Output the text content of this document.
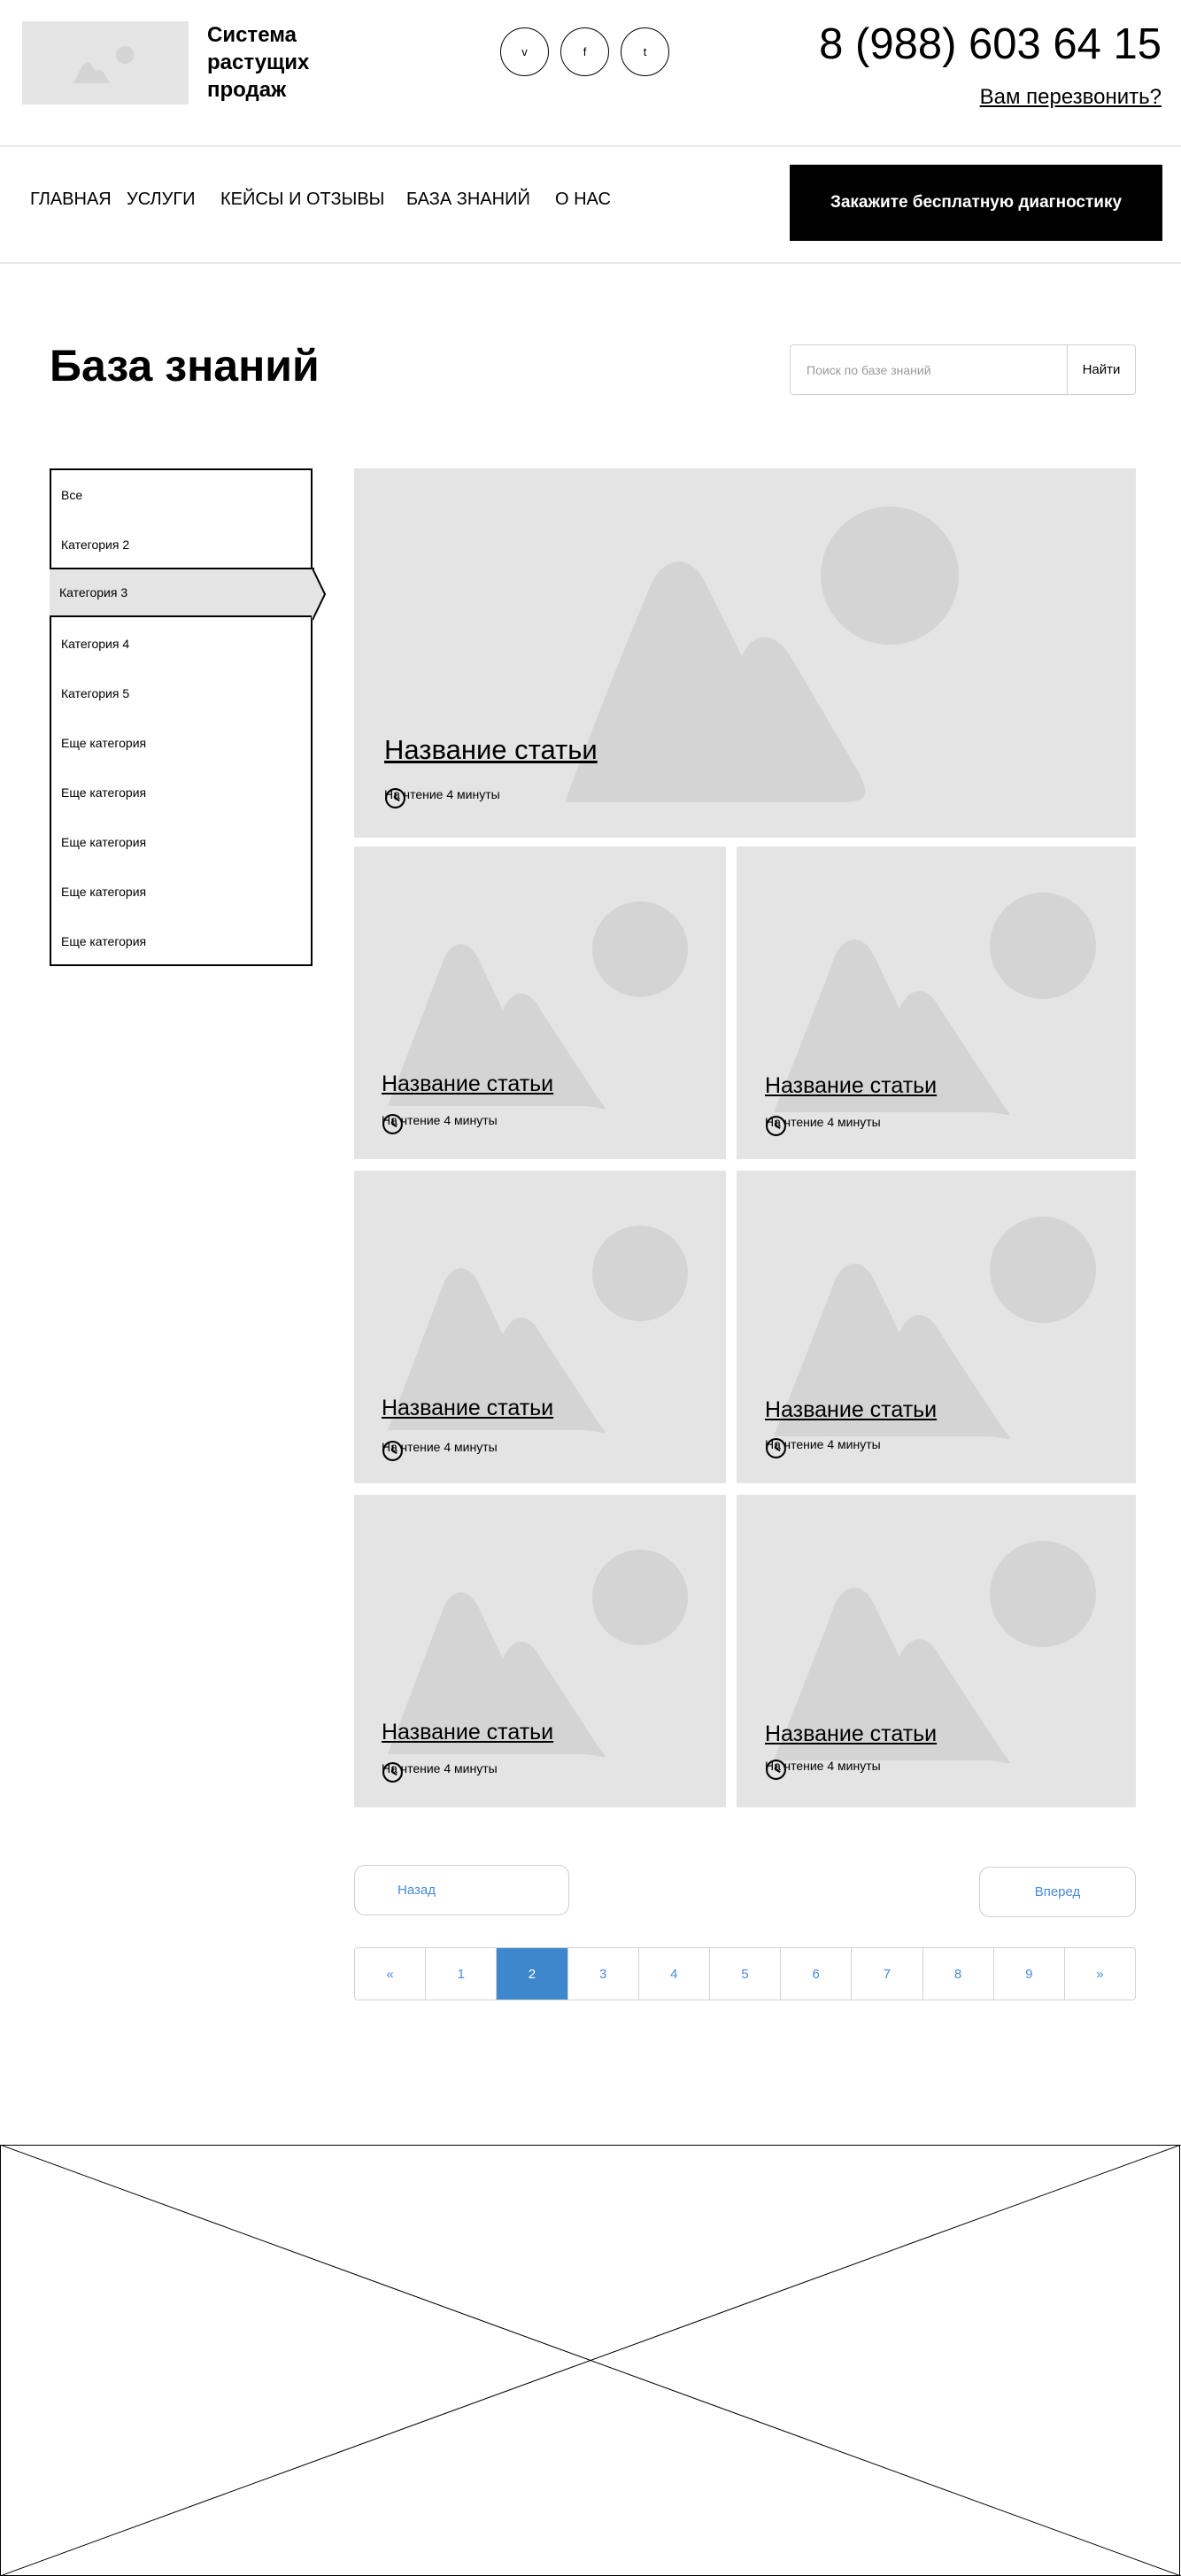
Система растущих продаж
v	f	t	8 (988) 603 64 15
Вам перезвонить?
ГЛАВНАЯ УСЛУГИ КЕЙСЫ И ОТЗЫВЫ БАЗА ЗНАНИЙ О НАС	Закажите бесплатную диагностику
База знаний
Поиск по базе знаний	Найти
Все
Категория 2
Категория 3
Категория 4
Категория 5
Еще категория
Еще категория
Еще категория
Еще категория
Еще категория
Название статьи
На чтение 4 минуты
Название статьи
На чтение 4 минуты
Название статьи
На чтение 4 минуты
Название статьи
На чтение 4 минуты
Название статьи
На чтение 4 минуты
Название статьи
На чтение 4 минуты
Название статьи
На чтение 4 минуты
Назад	Вперед
«	1	2	3	4	5	6	7	8	9	»
